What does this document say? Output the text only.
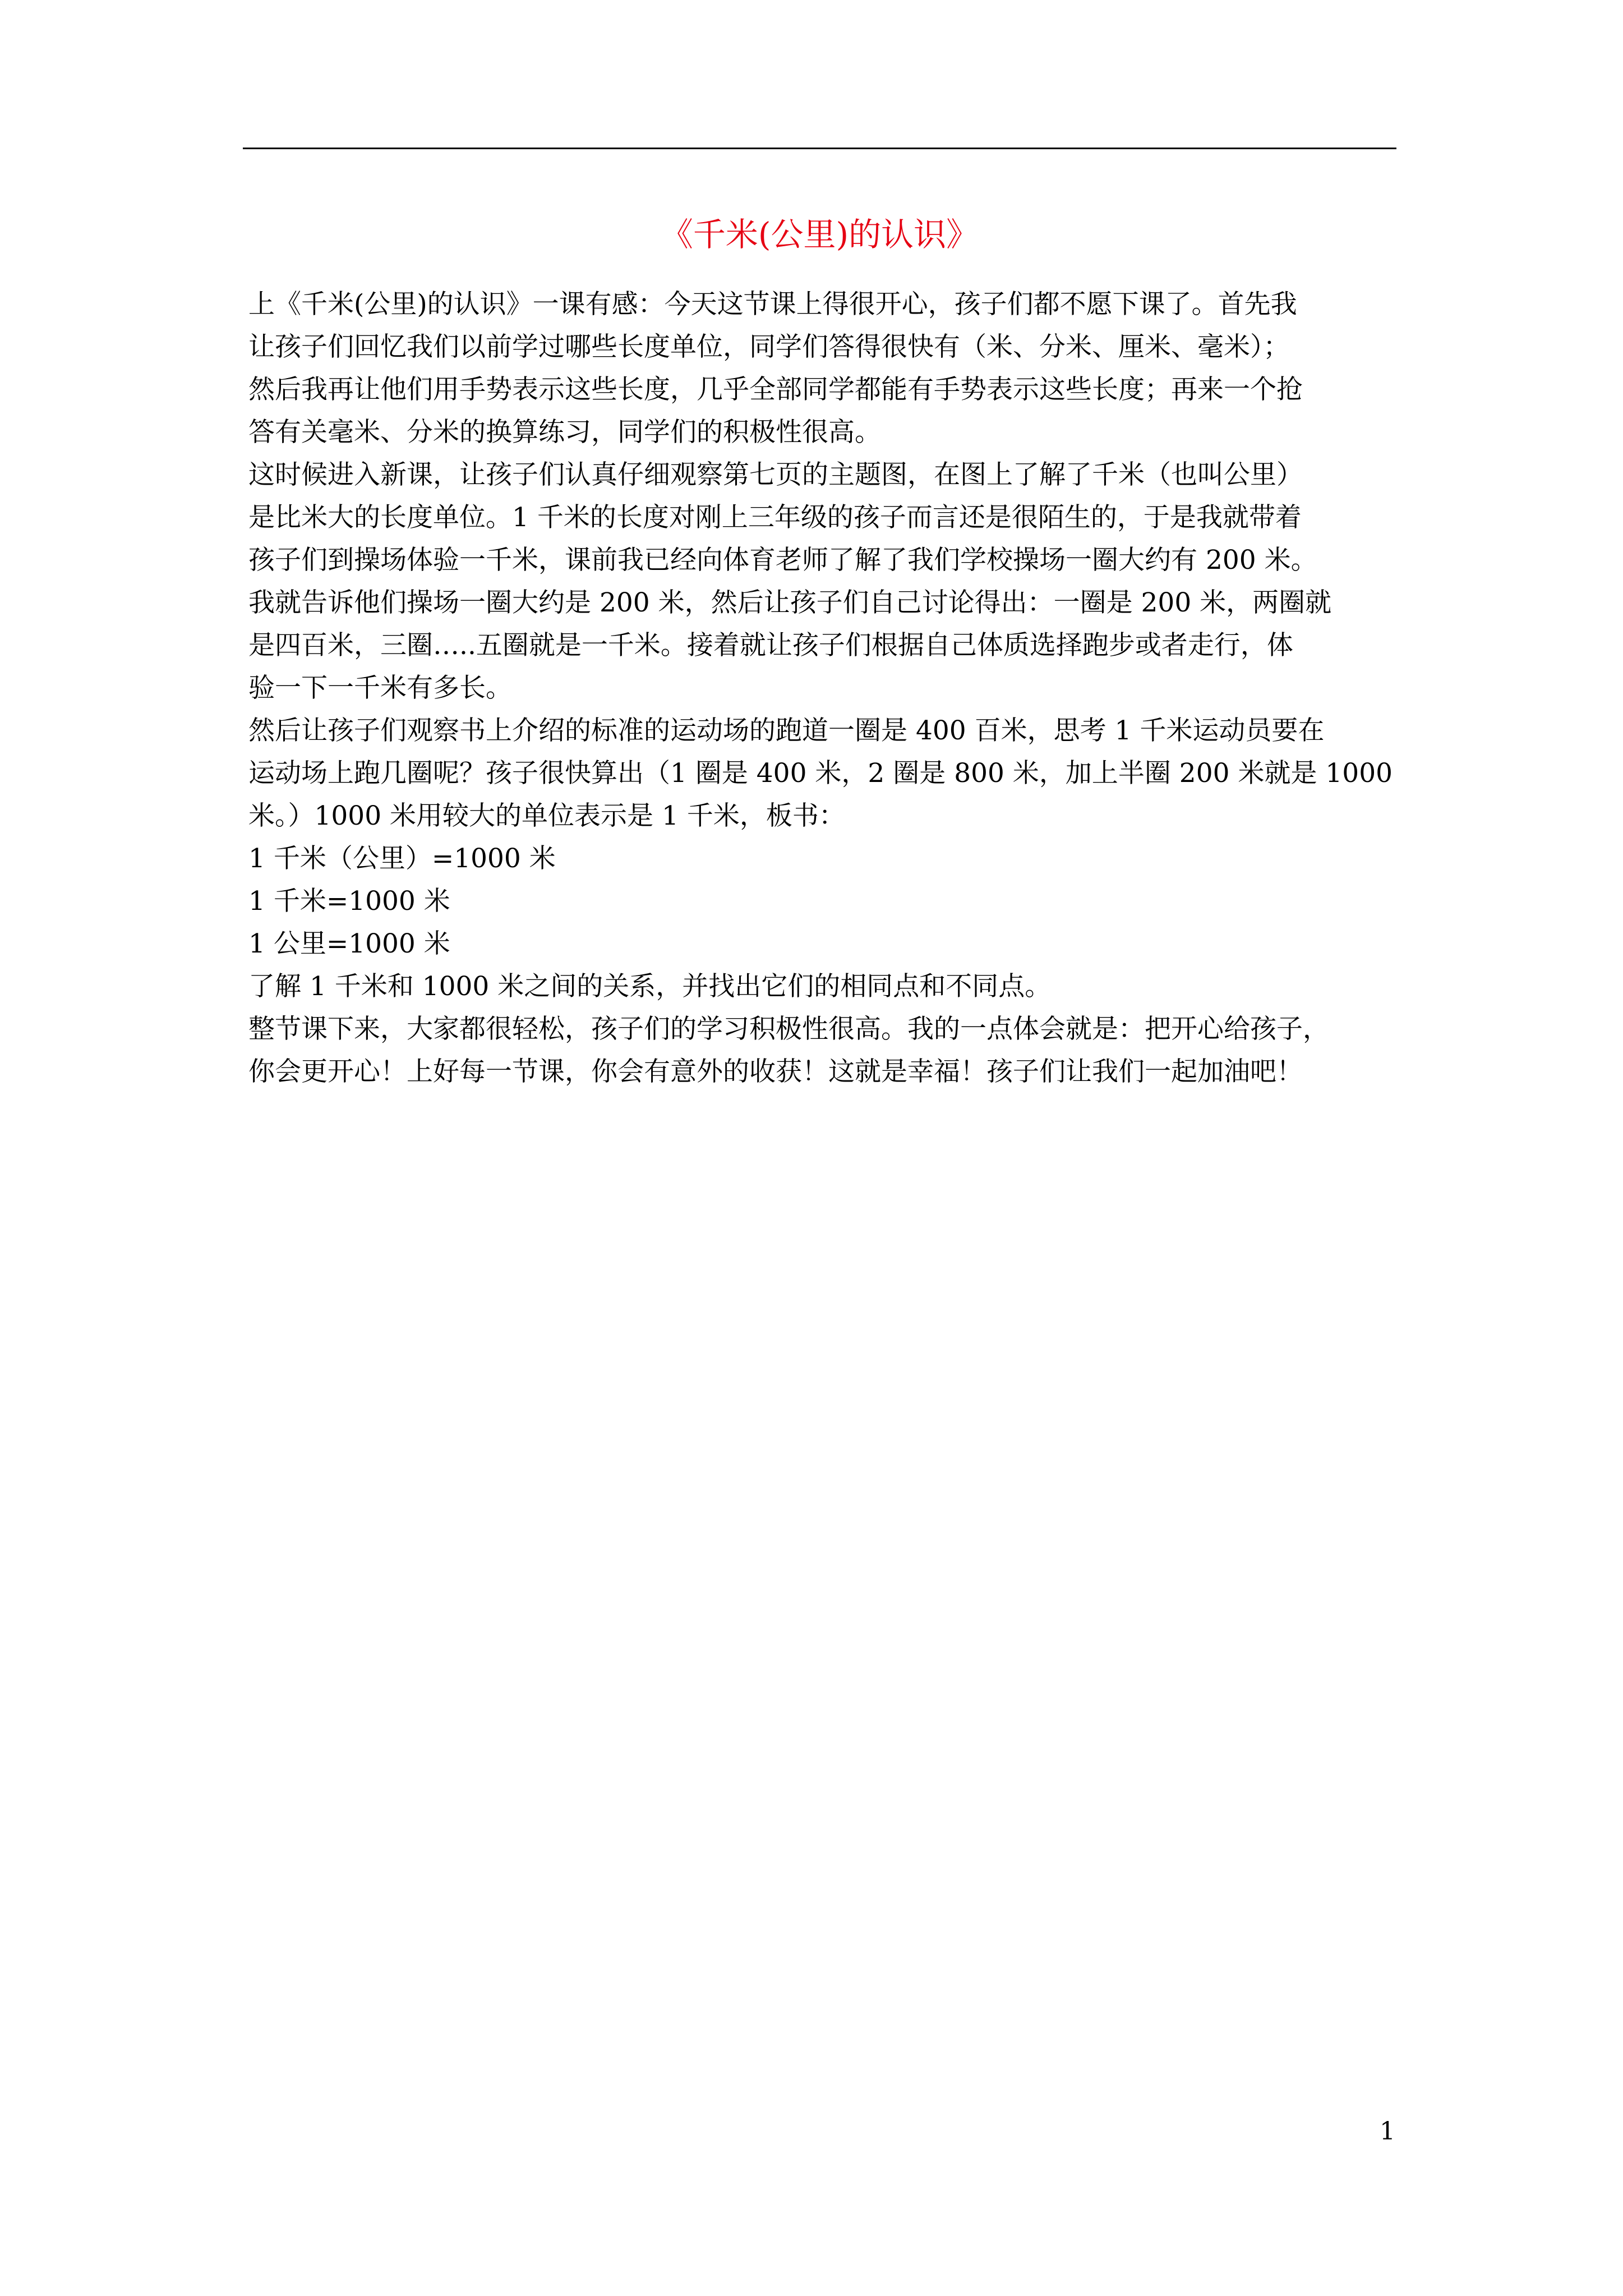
《千米(公里)的认识》
上《千米(公里)的认识》一课有感：今天这节课上得很开心，孩子们都不愿下课了。首先我
让孩子们回忆我们以前学过哪些长度单位，同学们答得很快有（米、分米、厘米、毫米）；
然后我再让他们用手势表示这些长度，几乎全部同学都能有手势表示这些长度；再来一个抢
答有关毫米、分米的换算练习，同学们的积极性很高。
这时候进入新课，让孩子们认真仔细观察第七页的主题图，在图上了解了千米（也叫公里）
是比米大的长度单位。1 千米的长度对刚上三年级的孩子而言还是很陌生的，于是我就带着
孩子们到操场体验一千米，课前我已经向体育老师了解了我们学校操场一圈大约有 200 米。
我就告诉他们操场一圈大约是 200 米，然后让孩子们自己讨论得出：一圈是 200 米，两圈就
是四百米，三圈…..五圈就是一千米。接着就让孩子们根据自己体质选择跑步或者走行，体
验一下一千米有多长。
然后让孩子们观察书上介绍的标准的运动场的跑道一圈是 400 百米，思考 1 千米运动员要在
运动场上跑几圈呢？孩子很快算出（1 圈是 400 米，2 圈是 800 米，加上半圈 200 米就是 1000
米。）1000 米用较大的单位表示是 1 千米，板书：
1 千米（公里）=1000 米
1 千米=1000 米
1 公里=1000 米
了解 1 千米和 1000 米之间的关系，并找出它们的相同点和不同点。
整节课下来，大家都很轻松，孩子们的学习积极性很高。我的一点体会就是：把开心给孩子，
你会更开心！上好每一节课，你会有意外的收获！这就是幸福！孩子们让我们一起加油吧！
1
